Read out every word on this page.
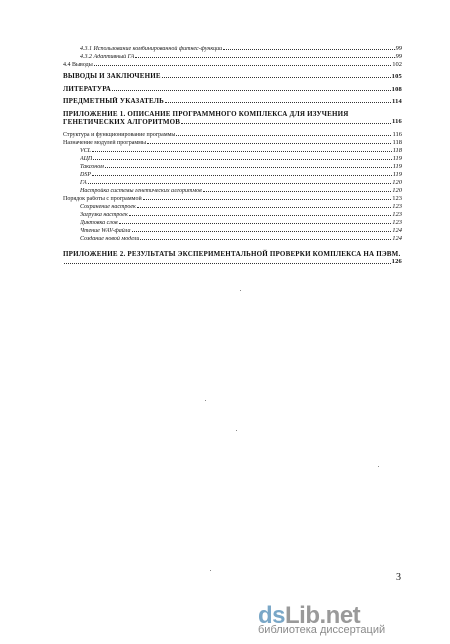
4.3.1 Использование комбинированной фитнес-функции	99
4.3.2 Адаптивный ГА	99
4.4 Выводы	102
ВЫВОДЫ И ЗАКЛЮЧЕНИЕ	105
ЛИТЕРАТУРА	108
ПРЕДМЕТНЫЙ УКАЗАТЕЛЬ	114
ПРИЛОЖЕНИЕ 1. ОПИСАНИЕ ПРОГРАММНОГО КОМПЛЕКСА ДЛЯ ИЗУЧЕНИЯ
ГЕНЕТИЧЕСКИХ АЛГОРИТМОВ	116
Структура и функционирование программы	116
Назначение модулей программы	118
VCL	118
АЦП	119
Таксоном	119
DSP	119
ГА	120
Настройка системы генетических алгоритмов	120
Порядок работы с программой	123
Сохранение настроек	123
Загрузка настроек	123
Диктовка слов	123
Чтение WAV-файла	124
Создание новой модели	124
ПРИЛОЖЕНИЕ 2. РЕЗУЛЬТАТЫ ЭКСПЕРИМЕНТАЛЬНОЙ ПРОВЕРКИ КОМПЛЕКСА НА ПЭВМ.
126
3
dsLib.net
библиотека диссертаций
